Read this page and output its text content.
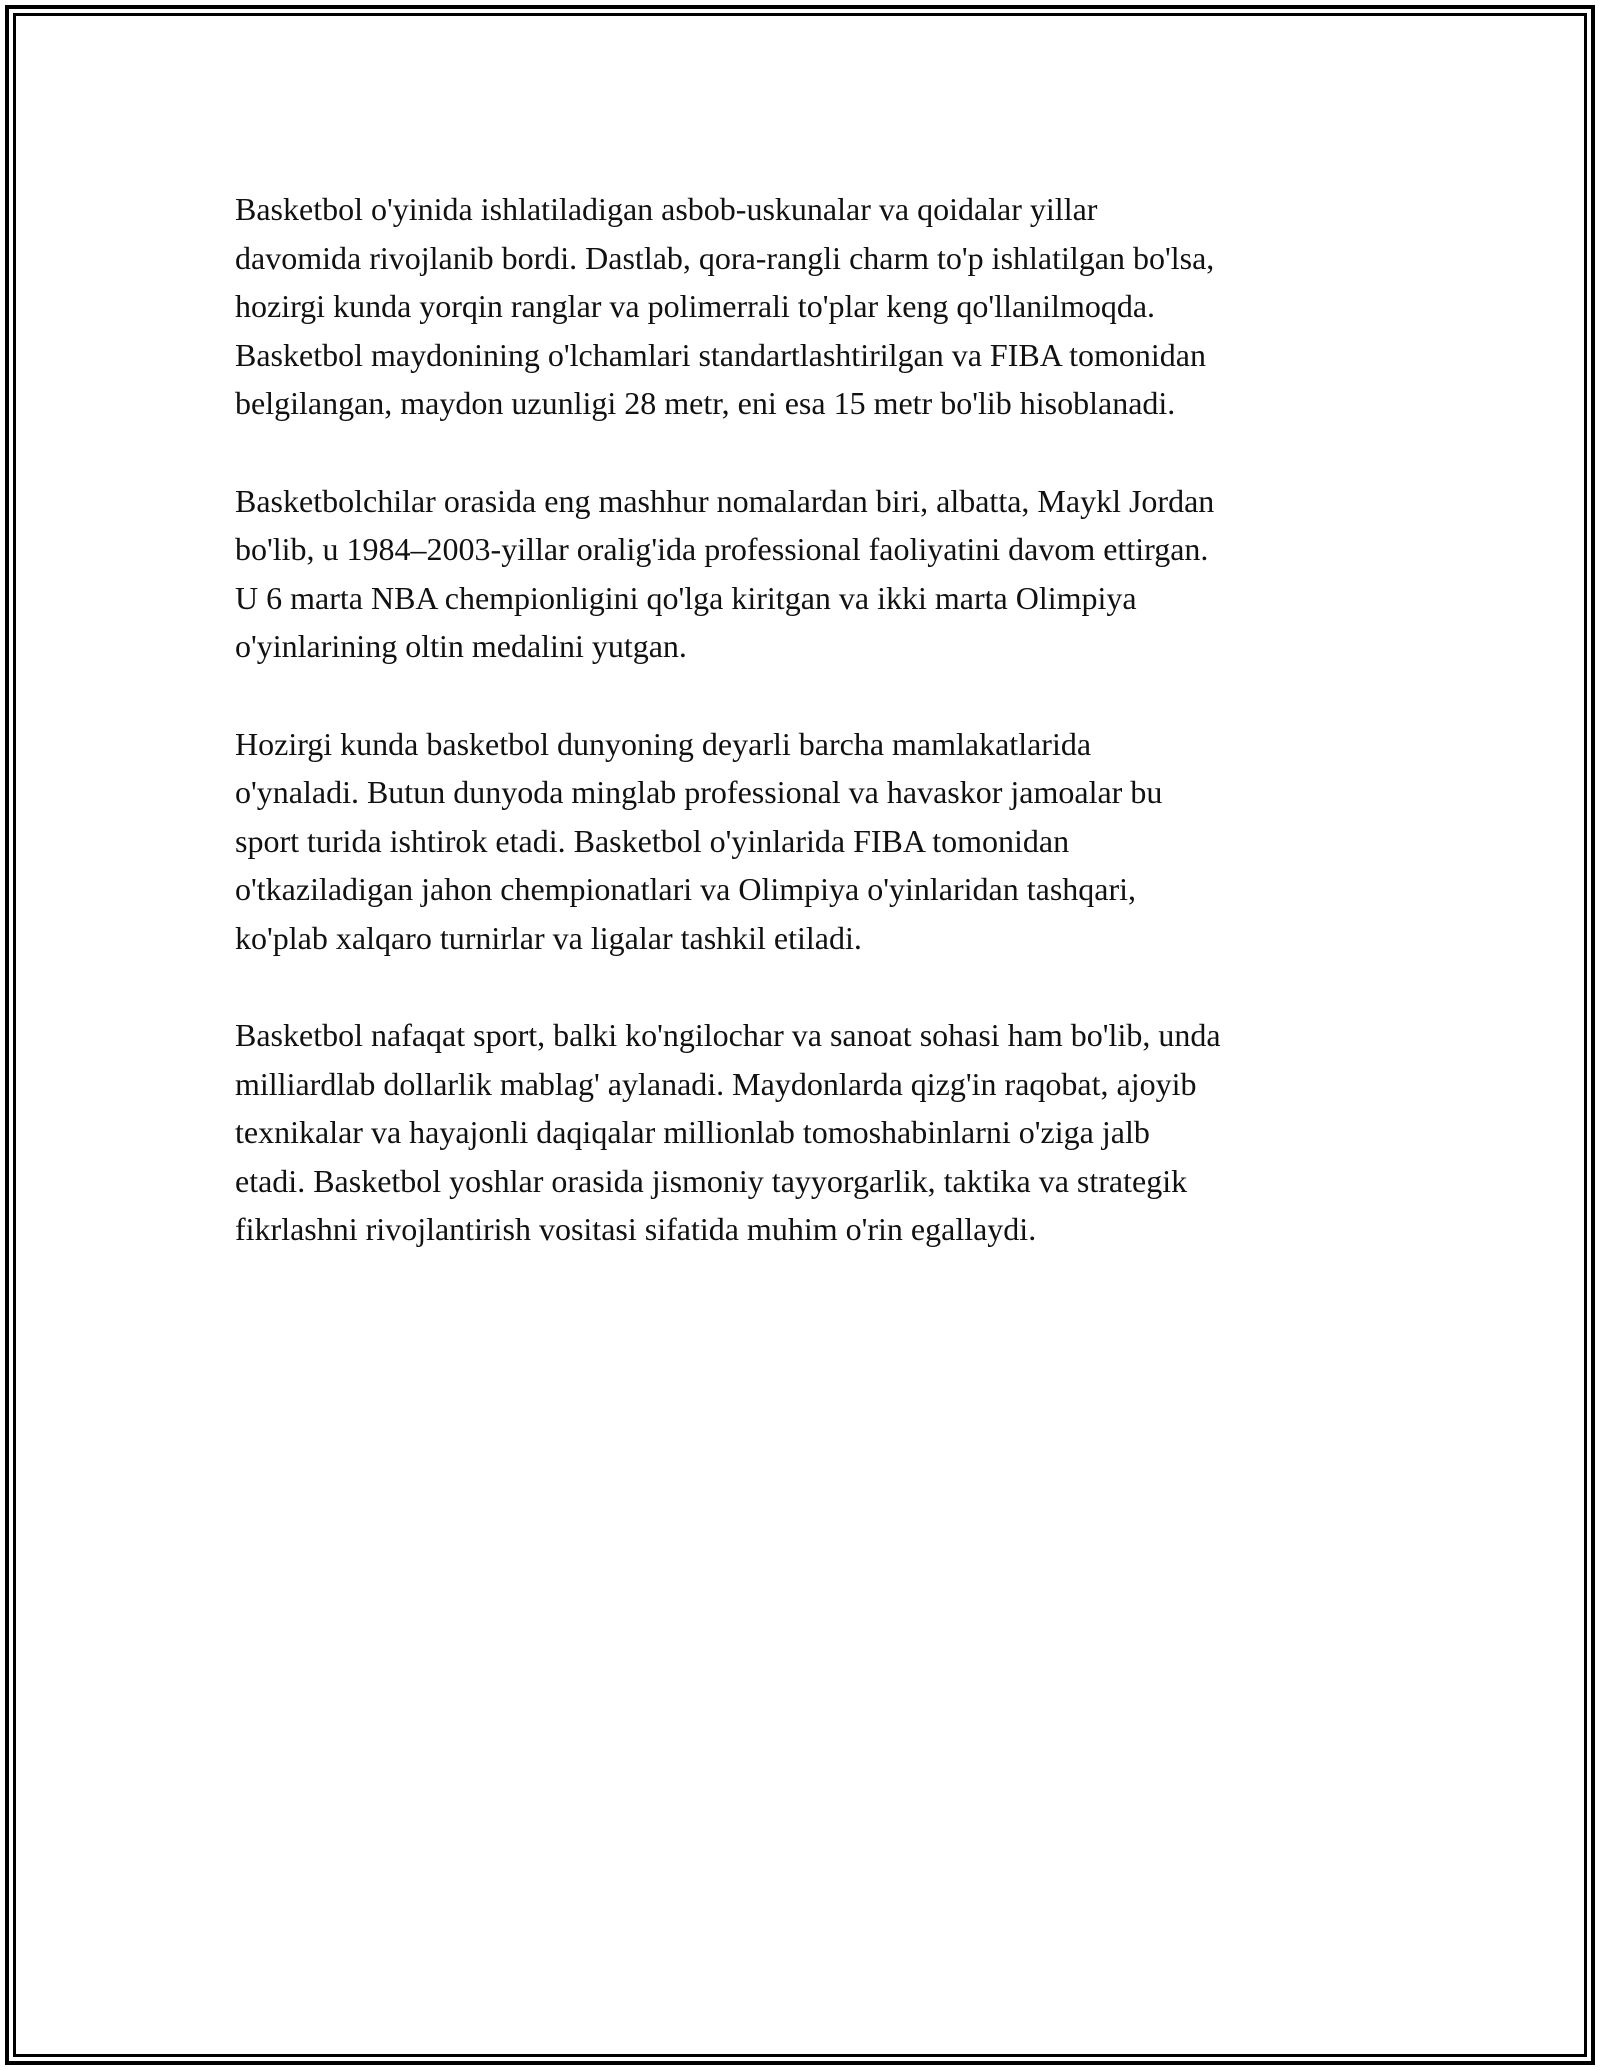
Basketbol o'yinida ishlatiladigan asbob-uskunalar va qoidalar yillar
davomida rivojlanib bordi. Dastlab, qora-rangli charm to'p ishlatilgan bo'lsa,
hozirgi kunda yorqin ranglar va polimerrali to'plar keng qo'llanilmoqda.
Basketbol maydonining o'lchamlari standartlashtirilgan va FIBA tomonidan
belgilangan, maydon uzunligi 28 metr, eni esa 15 metr bo'lib hisoblanadi.

Basketbolchilar orasida eng mashhur nomalardan biri, albatta, Maykl Jordan
bo'lib, u 1984–2003-yillar oralig'ida professional faoliyatini davom ettirgan.
U 6 marta NBA chempionligini qo'lga kiritgan va ikki marta Olimpiya
o'yinlarining oltin medalini yutgan.

Hozirgi kunda basketbol dunyoning deyarli barcha mamlakatlarida
o'ynaladi. Butun dunyoda minglab professional va havaskor jamoalar bu
sport turida ishtirok etadi. Basketbol o'yinlarida FIBA tomonidan
o'tkaziladigan jahon chempionatlari va Olimpiya o'yinlaridan tashqari,
ko'plab xalqaro turnirlar va ligalar tashkil etiladi.

Basketbol nafaqat sport, balki ko'ngilochar va sanoat sohasi ham bo'lib, unda
milliardlab dollarlik mablag' aylanadi. Maydonlarda qizg'in raqobat, ajoyib
texnikalar va hayajonli daqiqalar millionlab tomoshabinlarni o'ziga jalb
etadi. Basketbol yoshlar orasida jismoniy tayyorgarlik, taktika va strategik
fikrlashni rivojlantirish vositasi sifatida muhim o'rin egallaydi.
